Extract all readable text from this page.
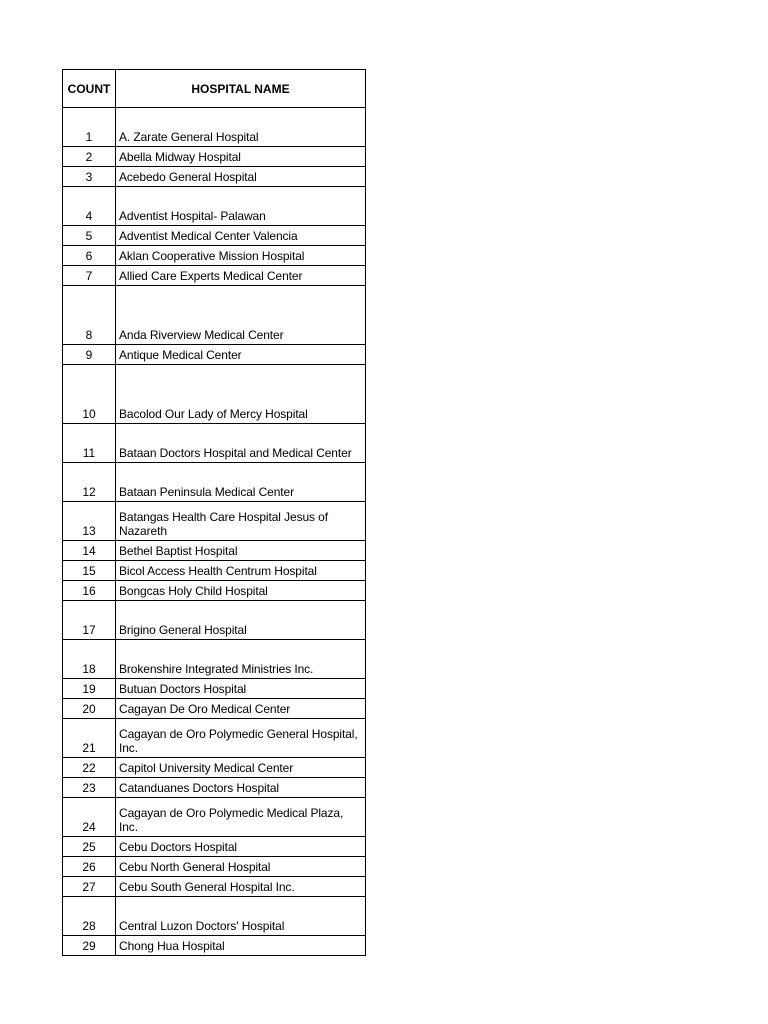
COUNT	HOSPITAL NAME
1	A. Zarate General Hospital
2	Abella Midway Hospital
3	Acebedo General Hospital
4	Adventist Hospital- Palawan
5	Adventist Medical Center Valencia
6	Aklan Cooperative Mission Hospital
7	Allied Care Experts Medical Center
8	Anda Riverview Medical Center
9	Antique Medical Center
10	Bacolod Our Lady of Mercy Hospital
11	Bataan Doctors Hospital and Medical Center
12	Bataan Peninsula Medical Center
13	Batangas Health Care Hospital Jesus of Nazareth
14	Bethel Baptist Hospital
15	Bicol Access Health Centrum Hospital
16	Bongcas Holy Child Hospital
17	Brigino General Hospital
18	Brokenshire Integrated Ministries Inc.
19	Butuan Doctors Hospital
20	Cagayan De Oro Medical Center
21	Cagayan de Oro Polymedic General Hospital, Inc.
22	Capitol University Medical Center
23	Catanduanes Doctors Hospital
24	Cagayan de Oro Polymedic Medical Plaza, Inc.
25	Cebu Doctors Hospital
26	Cebu North General Hospital
27	Cebu South General Hospital Inc.
28	Central Luzon Doctors' Hospital
29	Chong Hua Hospital
